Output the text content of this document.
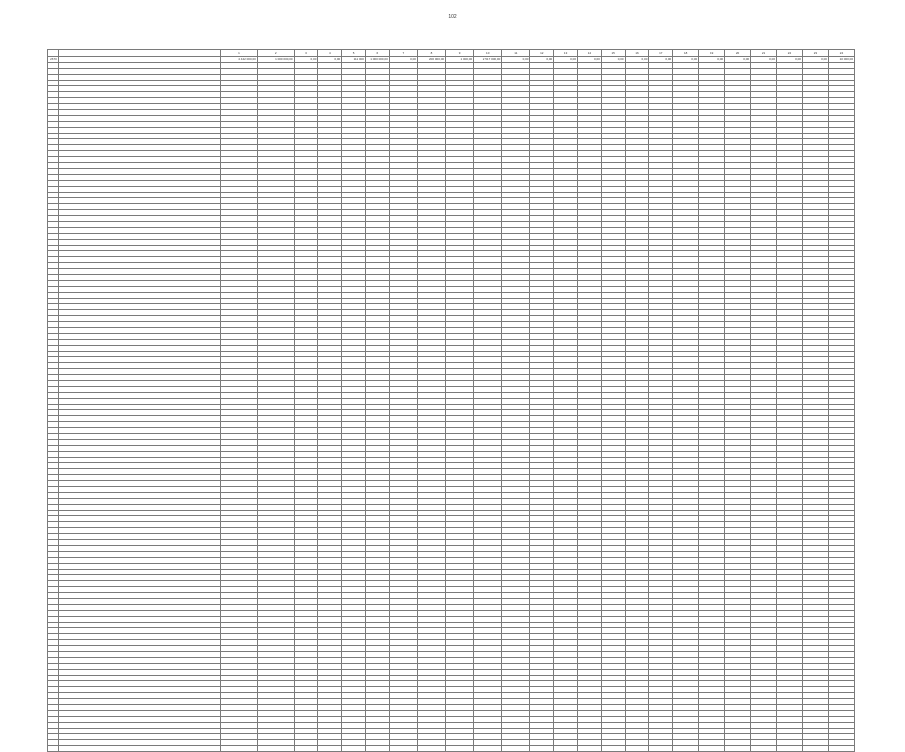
102
		1	2	3	4	5	6	7	8	9	10	11	12	13	14	15	16	17	18	19	20	21	22	23	24
2670		4 442 000,00	1 000 000,00	0,00	0,00	111 000	1 000 000,00	0,00	200 000,00	1 000,00	2 517 000,00	0,00	0,00	0,00	0,00	0,00	0,00	0,00	0,00	0,00	0,00	0,00	0,00	0,00	10 000,00
